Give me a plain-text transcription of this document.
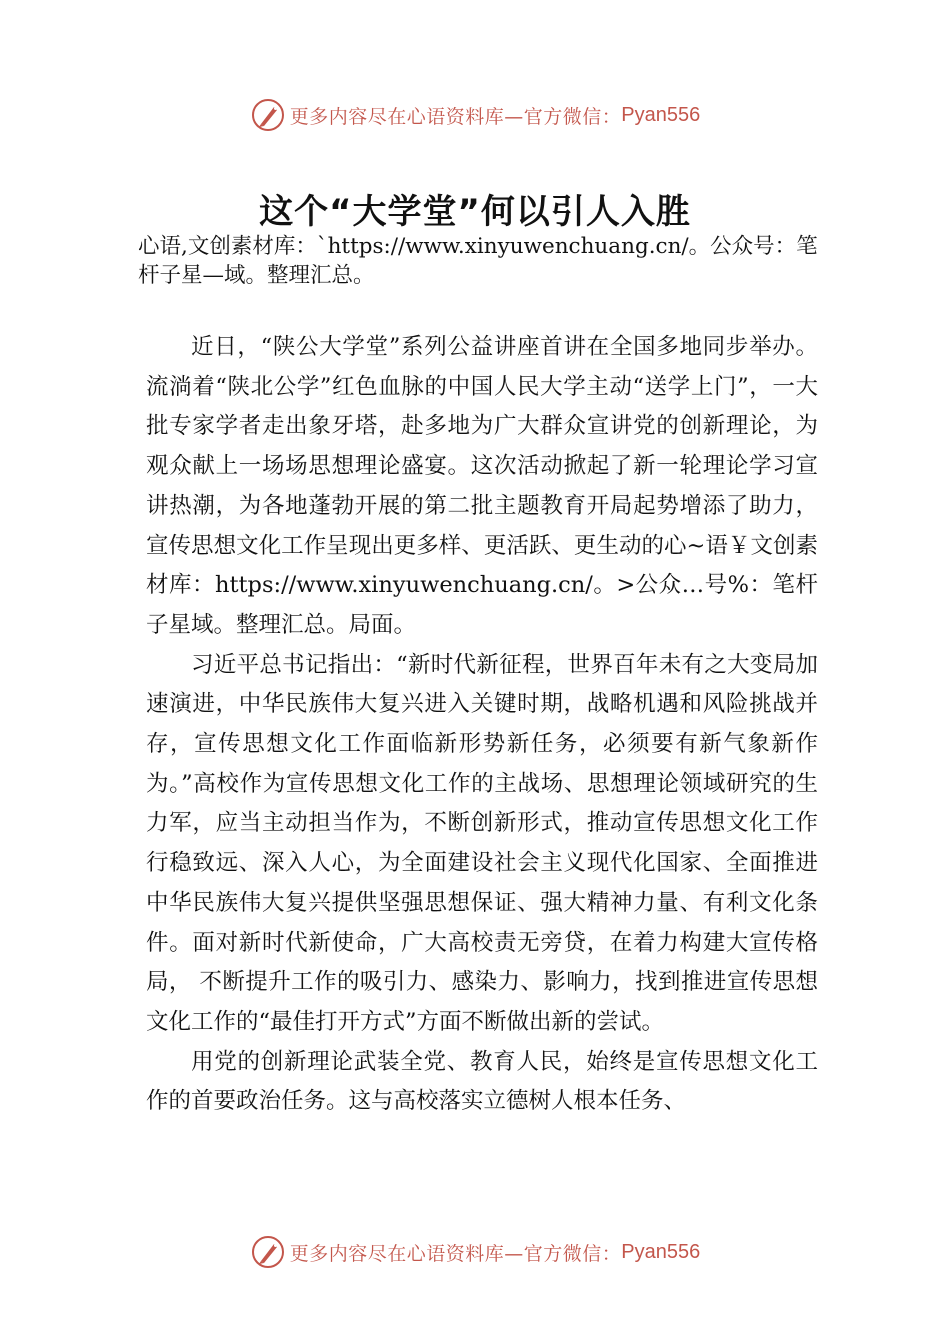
更多内容尽在心语资料库—官方微信： Pyan556
这个“大学堂”何以引人入胜

心语,文创素材库：`https://www.xinyuwenchuang.cn/。公众号：笔杆子星—域。整理汇总。

近日，“陕公大学堂”系列公益讲座首讲在全国多地同步举办。流淌着“陕北公学”红色血脉的中国人民大学主动“送学上门”，一大批专家学者走出象牙塔，赴多地为广大群众宣讲党的创新理论，为观众献上一场场思想理论盛宴。这次活动掀起了新一轮理论学习宣讲热潮，为各地蓬勃开展的第二批主题教育开局起势增添了助力，宣传思想文化工作呈现出更多样、更活跃、更生动的心~语￥文创素材库：https://www.xinyuwenchuang.cn/。>公众…号%：笔杆子星域。整理汇总。局面。

习近平总书记指出：“新时代新征程，世界百年未有之大变局加速演进，中华民族伟大复兴进入关键时期，战略机遇和风险挑战并存，宣传思想文化工作面临新形势新任务，必须要有新气象新作为。”高校作为宣传思想文化工作的主战场、思想理论领域研究的生力军，应当主动担当作为，不断创新形式，推动宣传思想文化工作行稳致远、深入人心，为全面建设社会主义现代化国家、全面推进中华民族伟大复兴提供坚强思想保证、强大精神力量、有利文化条件。面对新时代新使命，广大高校责无旁贷，在着力构建大宣传格局， 不断提升工作的吸引力、感染力、影响力，找到推进宣传思想文化工作的“最佳打开方式”方面不断做出新的尝试。

用党的创新理论武装全党、教育人民，始终是宣传思想文化工作的首要政治任务。这与高校落实立德树人根本任务、

更多内容尽在心语资料库—官方微信： Pyan556
